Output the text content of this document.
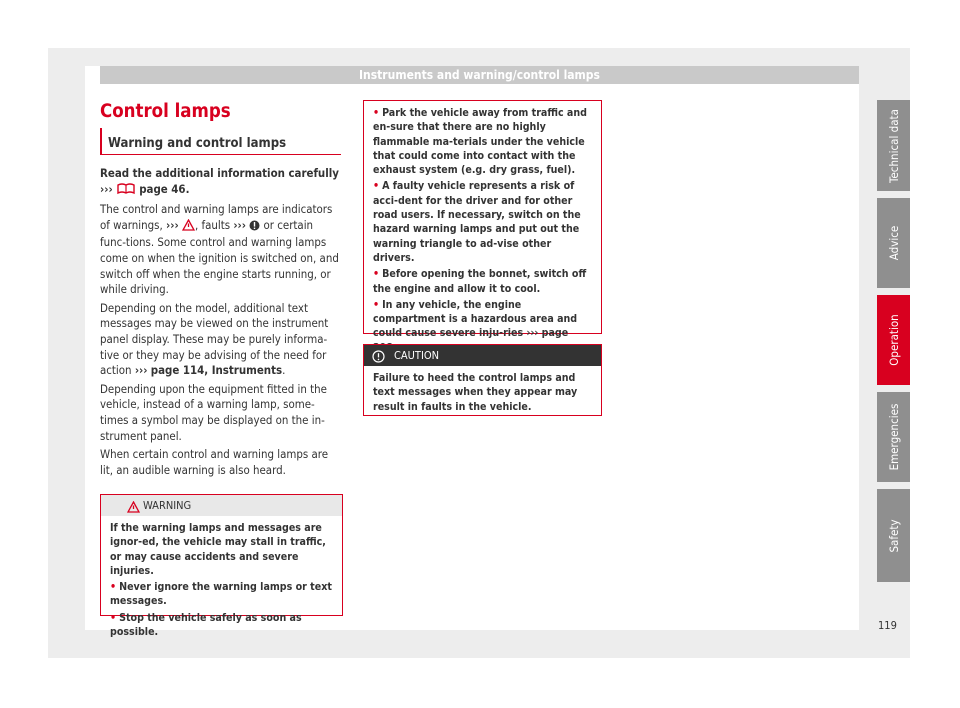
Instruments and warning/control lamps
Control lamps
Warning and control lamps

Read the additional information carefully
››› page 46.

The control and warning lamps are indicators of warnings, ››› , faults ››› or certain func-tions. Some control and warning lamps come on when the ignition is switched on, and switch off when the engine starts running, or while driving.

Depending on the model, additional text messages may be viewed on the instrument panel display. These may be purely informa-tive or they may be advising of the need for action ››› page 114, Instruments.

Depending upon the equipment fitted in the vehicle, instead of a warning lamp, some-times a symbol may be displayed on the in-strument panel.

When certain control and warning lamps are lit, an audible warning is also heard.

WARNING

If the warning lamps and messages are ignor-ed, the vehicle may stall in traffic, or may cause accidents and severe injuries.

• Never ignore the warning lamps or text messages.

• Stop the vehicle safely as soon as possible.

• Park the vehicle away from traffic and en-sure that there are no highly flammable ma-terials under the vehicle that could come into contact with the exhaust system (e.g. dry grass, fuel).

• A faulty vehicle represents a risk of acci-dent for the driver and for other road users. If necessary, switch on the hazard warning lamps and put out the warning triangle to ad-vise other drivers.

• Before opening the bonnet, switch off the engine and allow it to cool.

• In any vehicle, the engine compartment is a hazardous area and could cause severe inju-ries ››› page

CAUTION

Failure to heed the control lamps and text messages when they appear may result in faults in the vehicle.

Technical data
Advice
Operation
Emergencies
Safety
119
